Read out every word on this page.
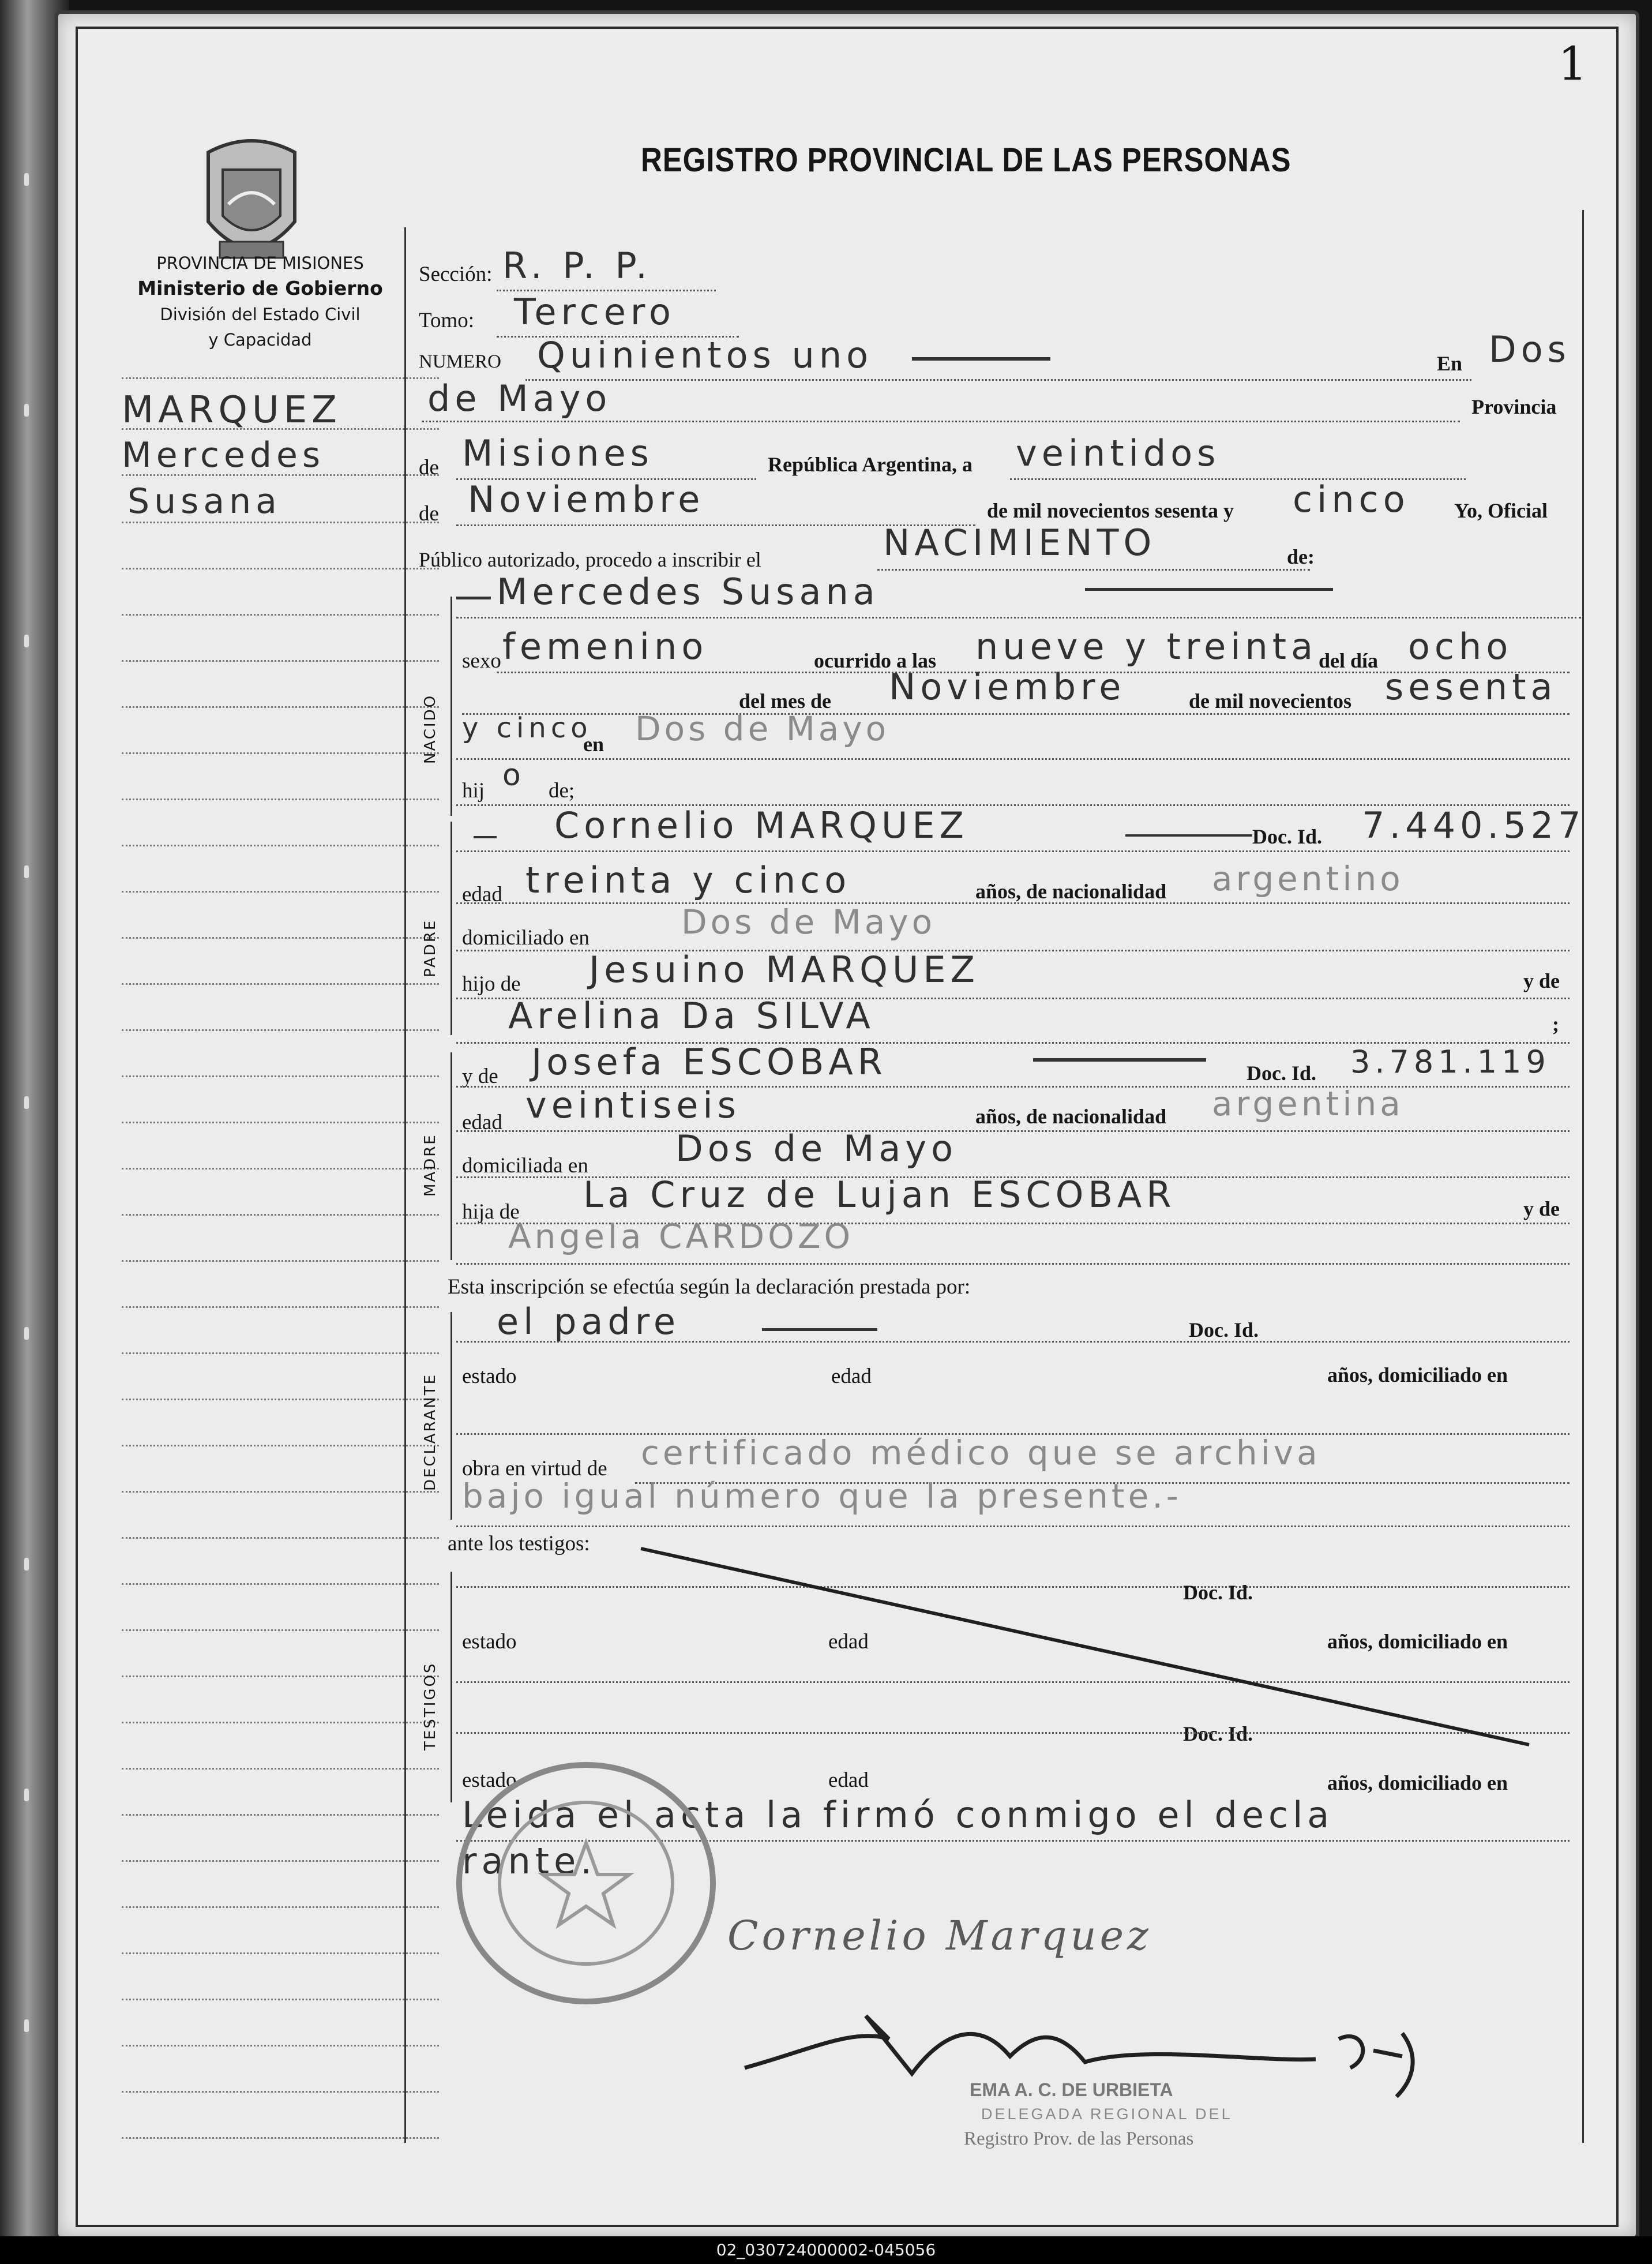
1
REGISTRO PROVINCIAL DE LAS PERSONAS
PROVINCIA DE MISIONES
Ministerio de Gobierno
División del Estado Civil
y Capacidad
MARQUEZ
Mercedes
Susana
NACIDO
PADRE
MADRE
DECLARANTE
TESTIGOS
Sección: R. P. P.
Tomo: Tercero
NUMERO Quinientos uno	En Dos
de Mayo	Provincia
de Misiones	República Argentina, a veintidos
de Noviembre	de mil novecientos sesenta y cinco Yo, Oficial
Público autorizado, procedo a inscribir el	NACIMIENTO	de:
Mercedes Susana
sexo femenino	ocurrido a las nueve y treinta del día ocho
del mes de Noviembre	de mil novecientos sesenta
y cinco
en Dos de Mayo
hij o de;
Cornelio MARQUEZ	Doc. Id. 7.440.527
edad treinta y cinco	años, de nacionalidad argentino
domiciliado en	Dos de Mayo
hijo de Jesuino MARQUEZ	y de
Arelina Da SILVA	;
y de Josefa ESCOBAR	Doc. Id. 3.781.119
edad veintiseis	años, de nacionalidad argentina
domiciliada en Dos de Mayo
hija de La Cruz de Lujan ESCOBAR	y de
Angela CARDOZO
Esta inscripción se efectúa según la declaración prestada por:
el padre	Doc. Id.
estado	edad	años, domiciliado en
obra en virtud de certificado médico que se archiva
bajo igual número que la presente.-
ante los testigos:
Doc. Id.
estado	edad	años, domiciliado en
Doc. Id.
estado	edad	años, domiciliado en
Leida el acta la firmó conmigo el decla
rante.
Cornelio Marquez
EMA A. C. DE URBIETA
DELEGADA REGIONAL DEL
Registro Prov. de las Personas
02_030724000002-045056
